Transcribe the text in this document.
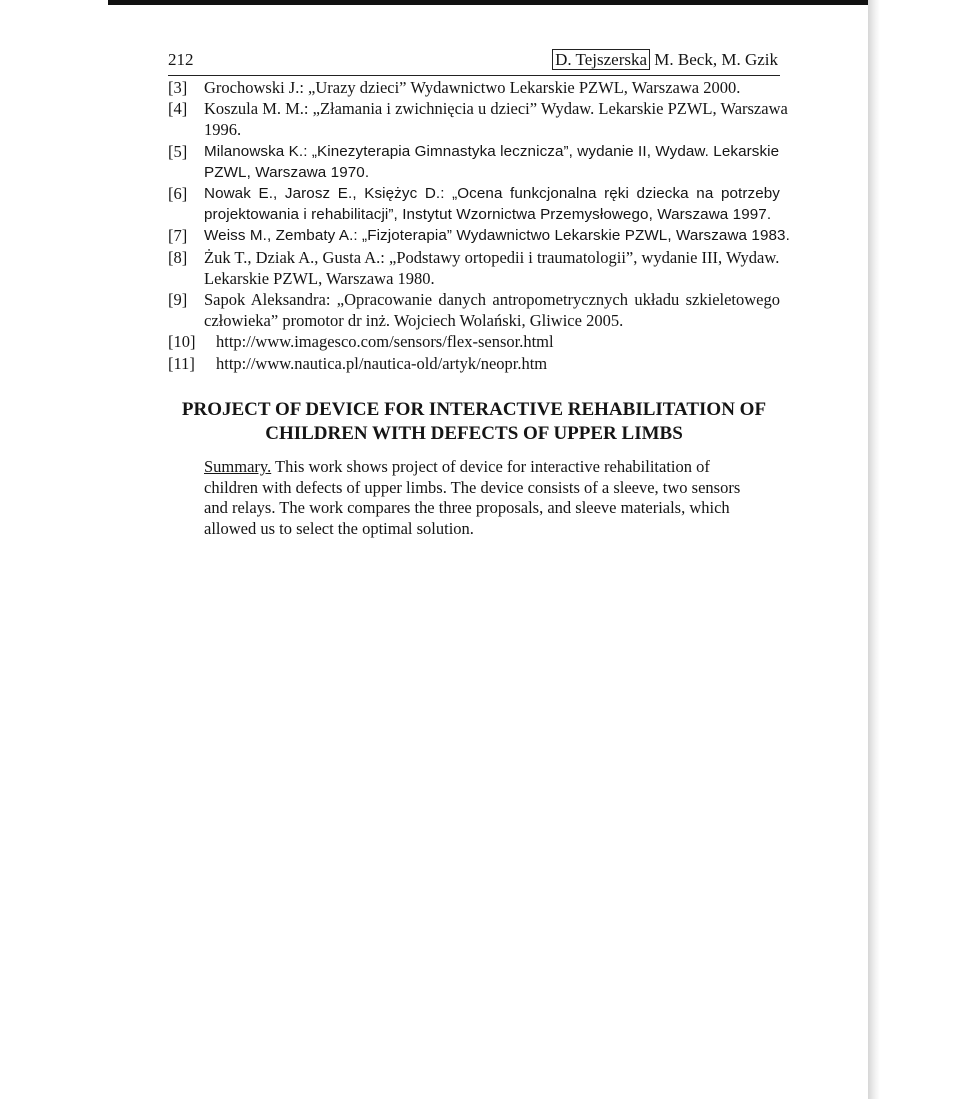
212	D. Tejszerska M. Beck, M. Gzik
[3] Grochowski J.: „Urazy dzieci” Wydawnictwo Lekarskie PZWL, Warszawa 2000.
[4] Koszula M. M.: „Złamania i zwichnięcia u dzieci” Wydaw. Lekarskie PZWL, Warszawa
1996.
[5] Milanowska K.: „Kinezyterapia Gimnastyka lecznicza”, wydanie II, Wydaw. Lekarskie
PZWL, Warszawa 1970.
[6] Nowak E., Jarosz E., Księżyc D.: „Ocena funkcjonalna ręki dziecka na potrzeby
projektowania i rehabilitacji”, Instytut Wzornictwa Przemysłowego, Warszawa 1997.
[7] Weiss M., Zembaty A.: „Fizjoterapia” Wydawnictwo Lekarskie PZWL, Warszawa 1983.
[8] Żuk T., Dziak A., Gusta A.: „Podstawy ortopedii i traumatologii”, wydanie III, Wydaw.
Lekarskie PZWL, Warszawa 1980.
[9] Sapok Aleksandra: „Opracowanie danych antropometrycznych układu szkieletowego
człowieka” promotor dr inż. Wojciech Wolański, Gliwice 2005.
[10] http://www.imagesco.com/sensors/flex-sensor.html
[11] http://www.nautica.pl/nautica-old/artyk/neopr.htm
PROJECT OF DEVICE FOR INTERACTIVE REHABILITATION OF
CHILDREN WITH DEFECTS OF UPPER LIMBS
Summary. This work shows project of device for interactive rehabilitation of
children with defects of upper limbs. The device consists of a sleeve, two sensors
and relays. The work compares the three proposals, and sleeve materials, which
allowed us to select the optimal solution.
